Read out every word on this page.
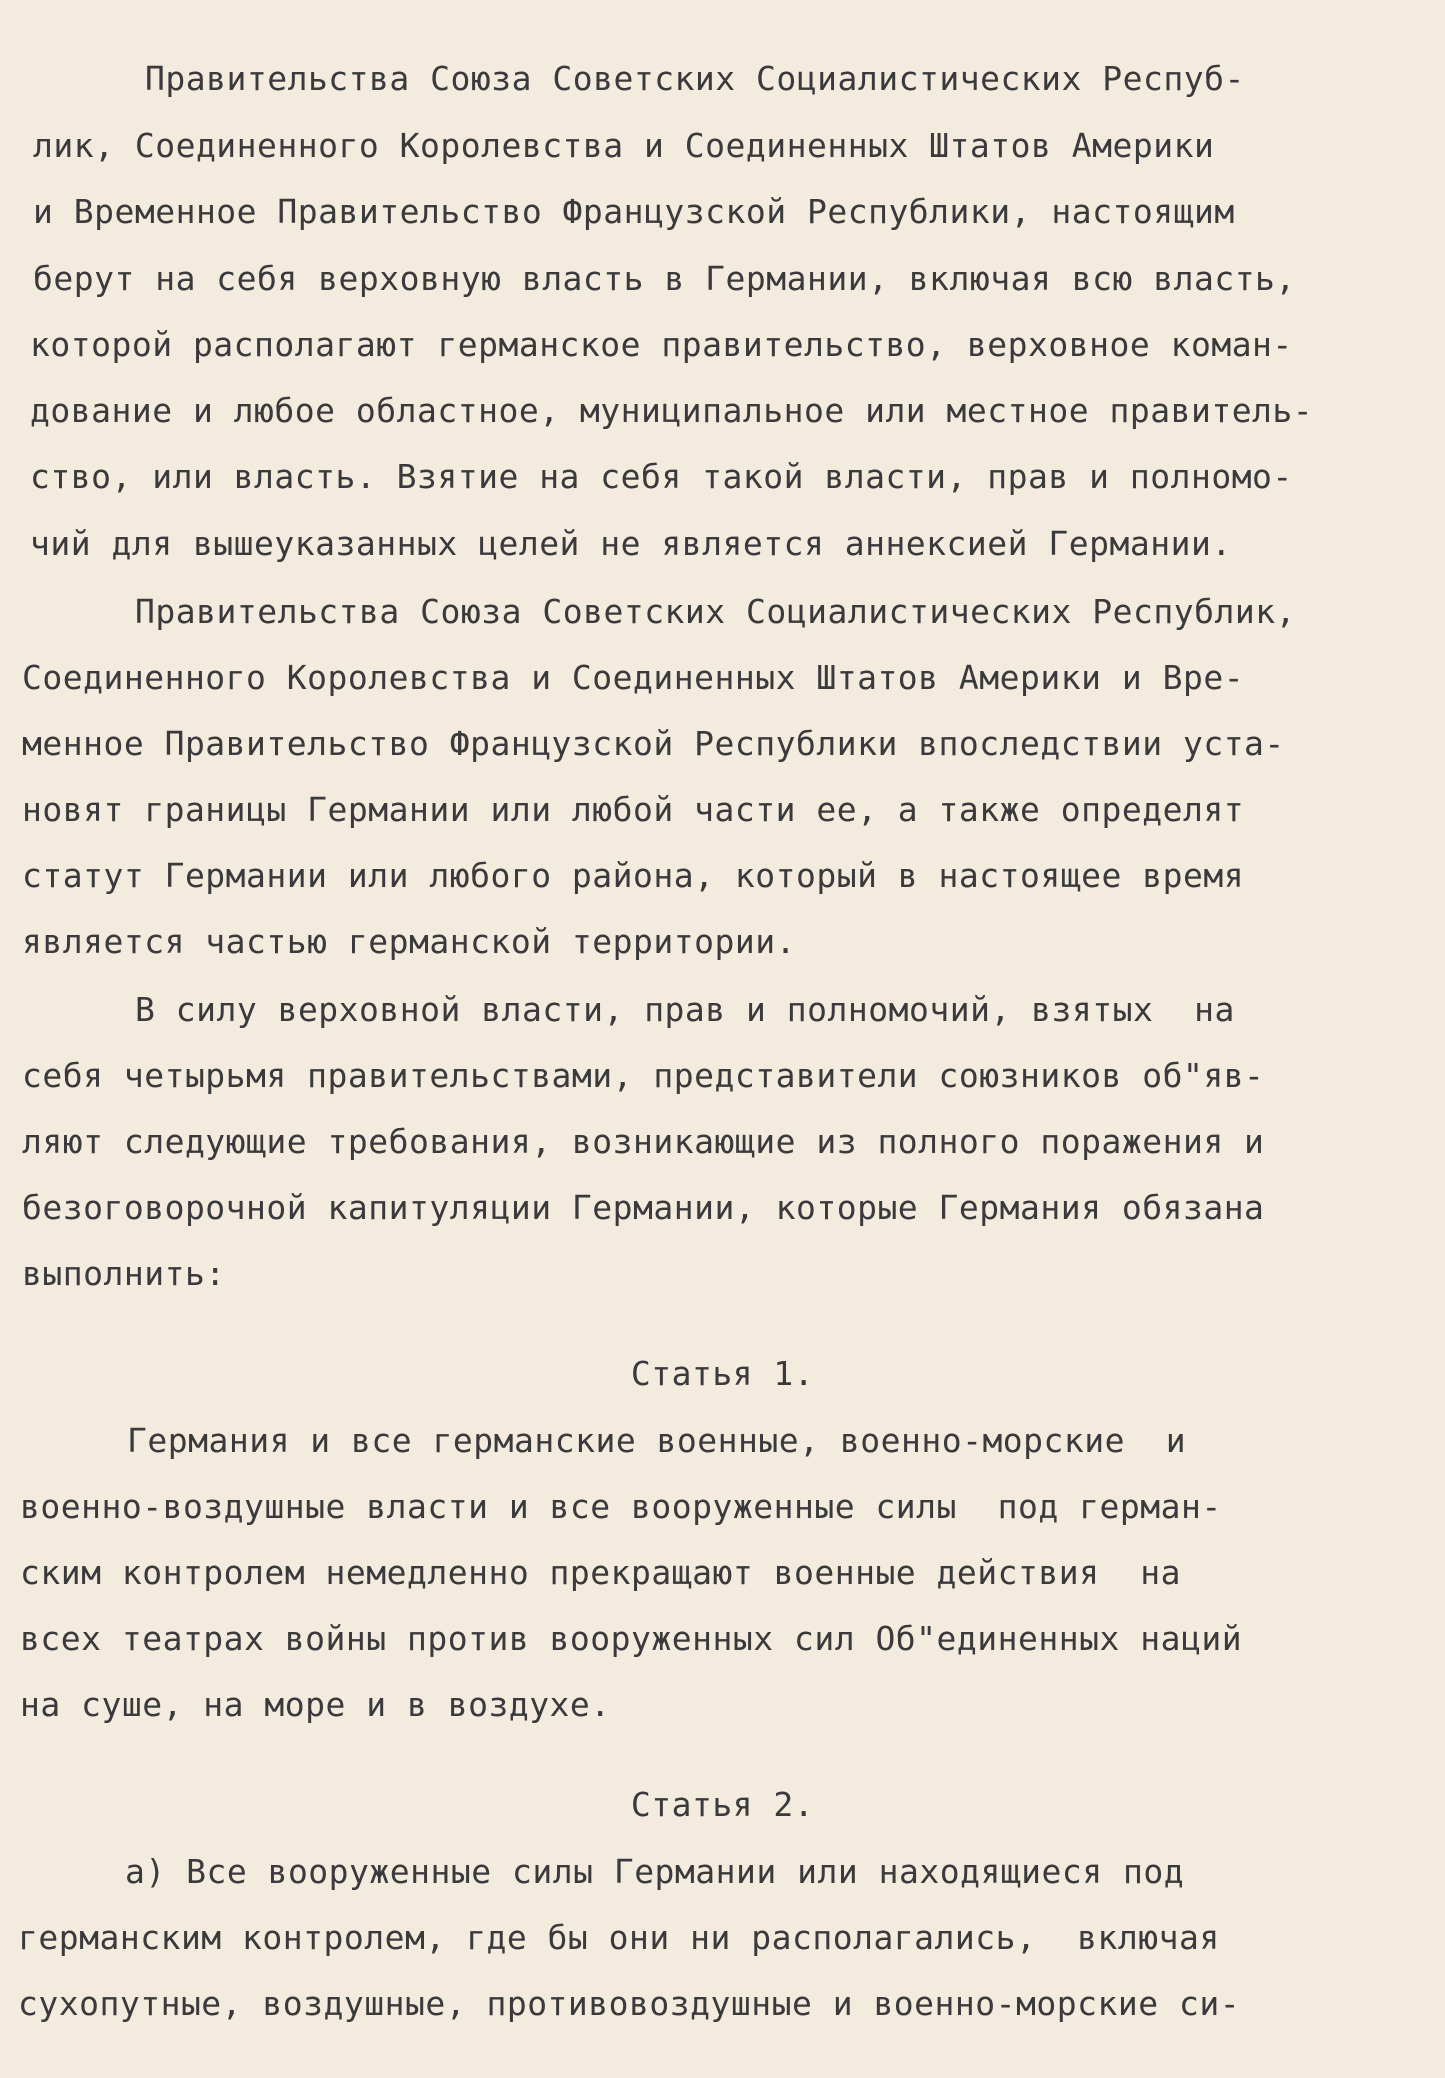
Правительства Союза Советских Социалистических Респуб-
лик, Соединенного Королевства и Соединенных Штатов Америки
и Временное Правительство Французской Республики, настоящим
берут на себя верховную власть в Германии, включая всю власть,
которой располагают германское правительство, верховное коман-
дование и любое областное, муниципальное или местное правитель-
ство, или власть. Взятие на себя такой власти, прав и полномо-
чий для вышеуказанных целей не является аннексией Германии.
Правительства Союза Советских Социалистических Республик,
Соединенного Королевства и Соединенных Штатов Америки и Вре-
менное Правительство Французской Республики впоследствии уста-
новят границы Германии или любой части ее, а также определят
статут Германии или любого района, который в настоящее время
является частью германской территории.
В силу верховной власти, прав и полномочий, взятых  на
себя четырьмя правительствами, представители союзников об"яв-
ляют следующие требования, возникающие из полного поражения и
безоговорочной капитуляции Германии, которые Германия обязана
выполнить:
Статья 1.
Германия и все германские военные, военно-морские  и
военно-воздушные власти и все вооруженные силы  под герман-
ским контролем немедленно прекращают военные действия  на
всех театрах войны против вооруженных сил Об"единенных наций
на суше, на море и в воздухе.
Статья 2.
а) Все вооруженные силы Германии или находящиеся под
германским контролем, где бы они ни располагались,  включая
сухопутные, воздушные, противовоздушные и военно-морские си-
